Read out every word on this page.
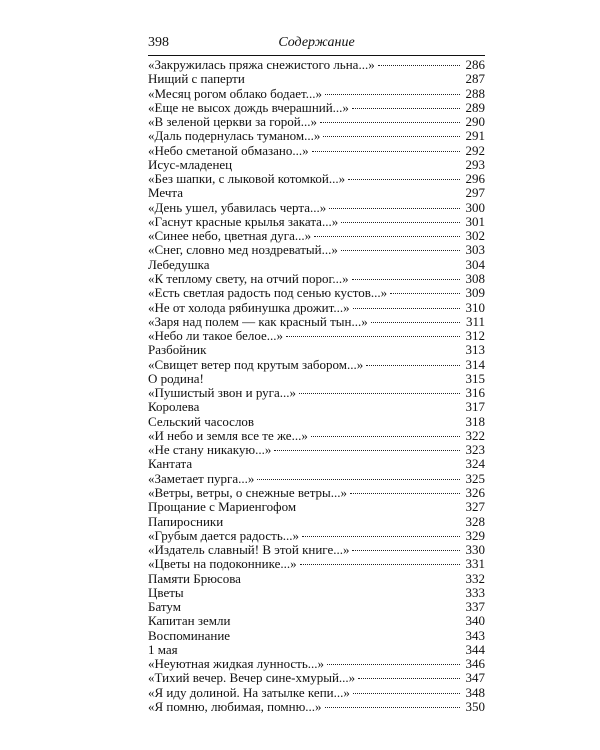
398	Содержание
«Закружилась пряжа снежистого льна...»	286
Нищий с паперти	287
«Месяц рогом облако бодает...»	288
«Еще не высох дождь вчерашний...»	289
«В зеленой церкви за горой...»	290
«Даль подернулась туманом...»	291
«Небо сметаной обмазано...»	292
Исус-младенец	293
«Без шапки, с лыковой котомкой...»	296
Мечта	297
«День ушел, убавилась черта...»	300
«Гаснут красные крылья заката...»	301
«Синее небо, цветная дуга...»	302
«Снег, словно мед ноздреватый...»	303
Лебедушка	304
«К теплому свету, на отчий порог...»	308
«Есть светлая радость под сенью кустов...»	309
«Не от холода рябинушка дрожит...»	310
«Заря над полем — как красный тын...»	311
«Небо ли такое белое...»	312
Разбойник	313
«Свищет ветер под крутым забором...»	314
О родина!	315
«Пушистый звон и руга...»	316
Королева	317
Сельский часослов	318
«И небо и земля все те же...»	322
«Не стану никакую...»	323
Кантата	324
«Заметает пурга...»	325
«Ветры, ветры, о снежные ветры...»	326
Прощание с Мариенгофом	327
Папиросники	328
«Грубым дается радость...»	329
«Издатель славный! В этой книге...»	330
«Цветы на подоконнике...»	331
Памяти Брюсова	332
Цветы	333
Батум	337
Капитан земли	340
Воспоминание	343
1 мая	344
«Неуютная жидкая лунность...»	346
«Тихий вечер. Вечер сине-хмурый...»	347
«Я иду долиной. На затылке кепи...»	348
«Я помню, любимая, помню...»	350
